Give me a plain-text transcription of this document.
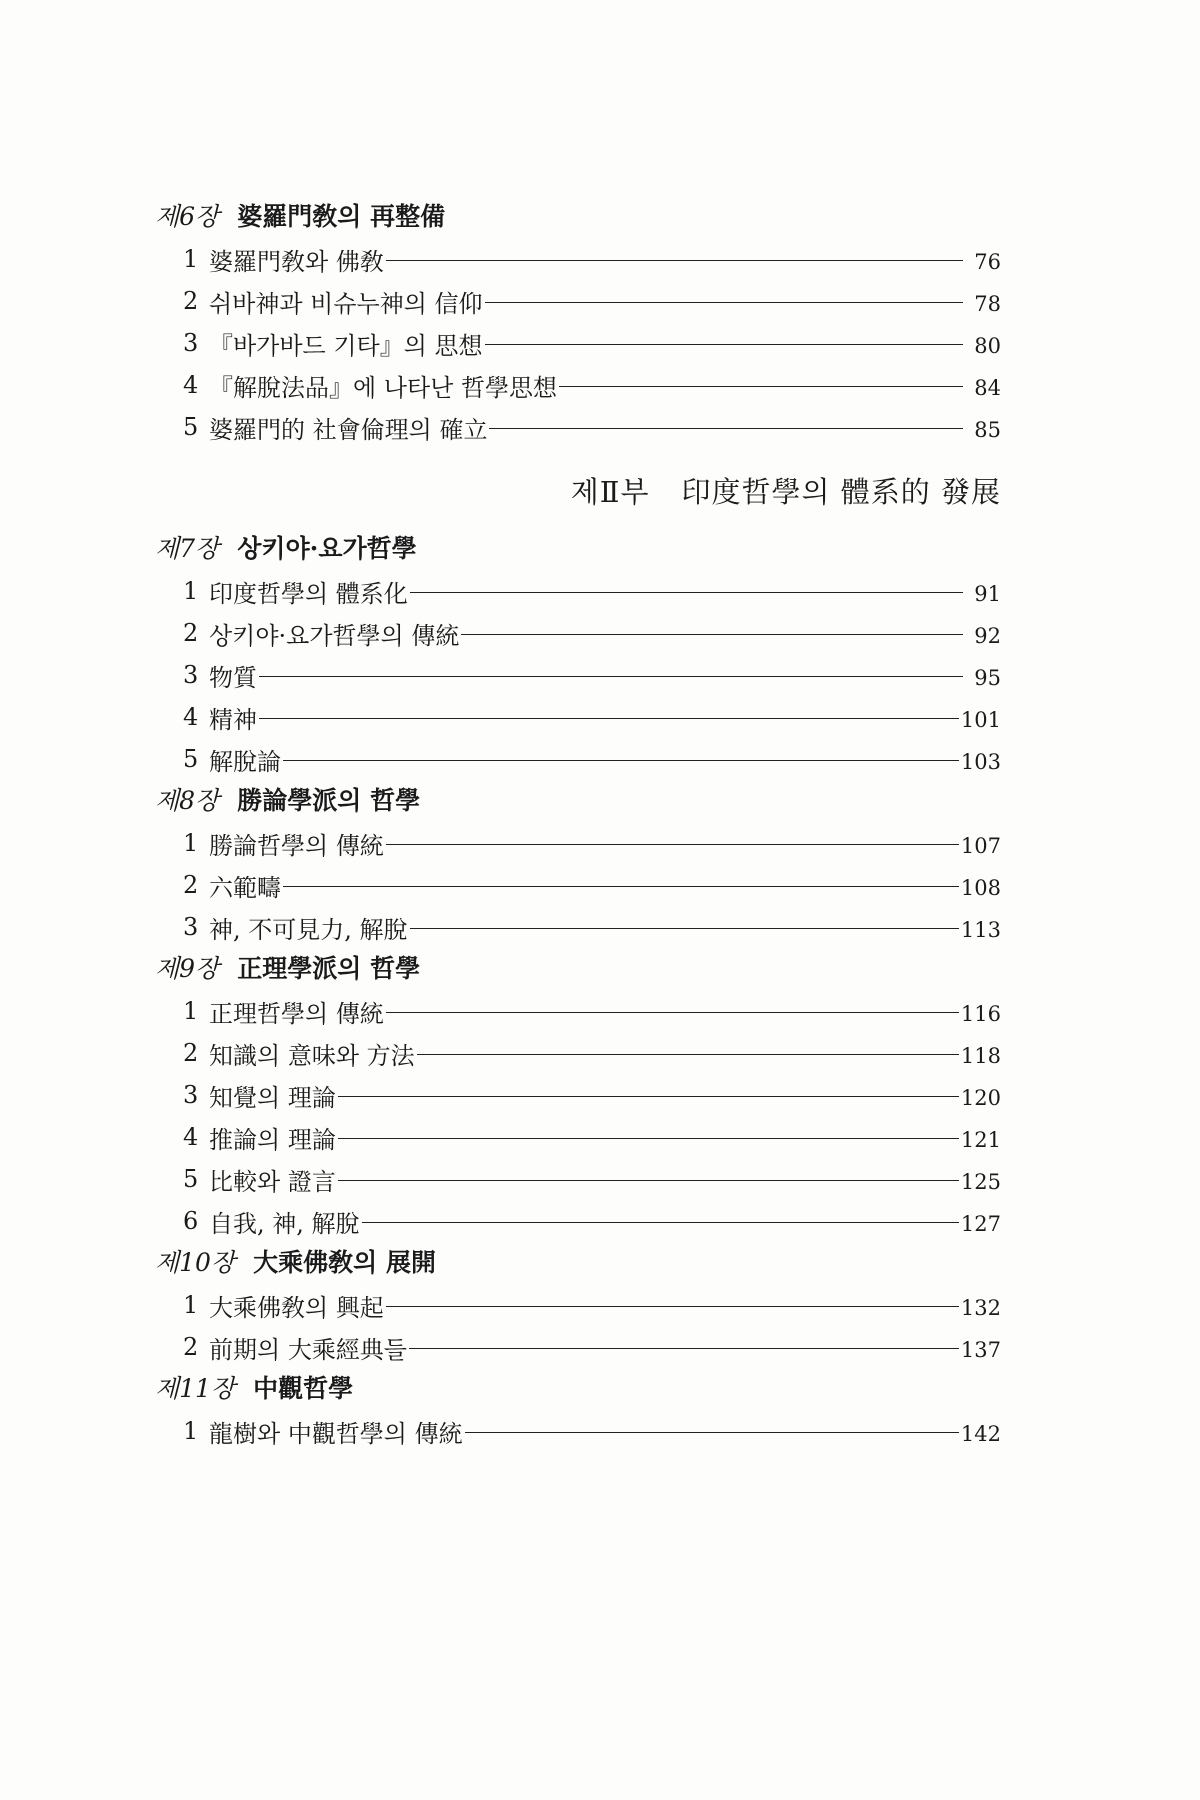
제6장 婆羅門敎의 再整備
1 婆羅門敎와 佛敎	76
2 쉬바神과 비슈누神의 信仰	78
3 『바가바드 기타』의 思想	80
4 『解脫法品』에 나타난 哲學思想	84
5 婆羅門的 社會倫理의 確立	85
제Ⅱ부 印度哲學의 體系的 發展
제7장 상키야·요가哲學
1 印度哲學의 體系化	91
2 상키야·요가哲學의 傳統	92
3 物質	95
4 精神	101
5 解脫論	103
제8장 勝論學派의 哲學
1 勝論哲學의 傳統	107
2 六範疇	108
3 神, 不可見力, 解脫	113
제9장 正理學派의 哲學
1 正理哲學의 傳統	116
2 知識의 意味와 方法	118
3 知覺의 理論	120
4 推論의 理論	121
5 比較와 證言	125
6 自我, 神, 解脫	127
제10장 大乘佛敎의 展開
1 大乘佛敎의 興起	132
2 前期의 大乘經典들	137
제11장 中觀哲學
1 龍樹와 中觀哲學의 傳統	142
